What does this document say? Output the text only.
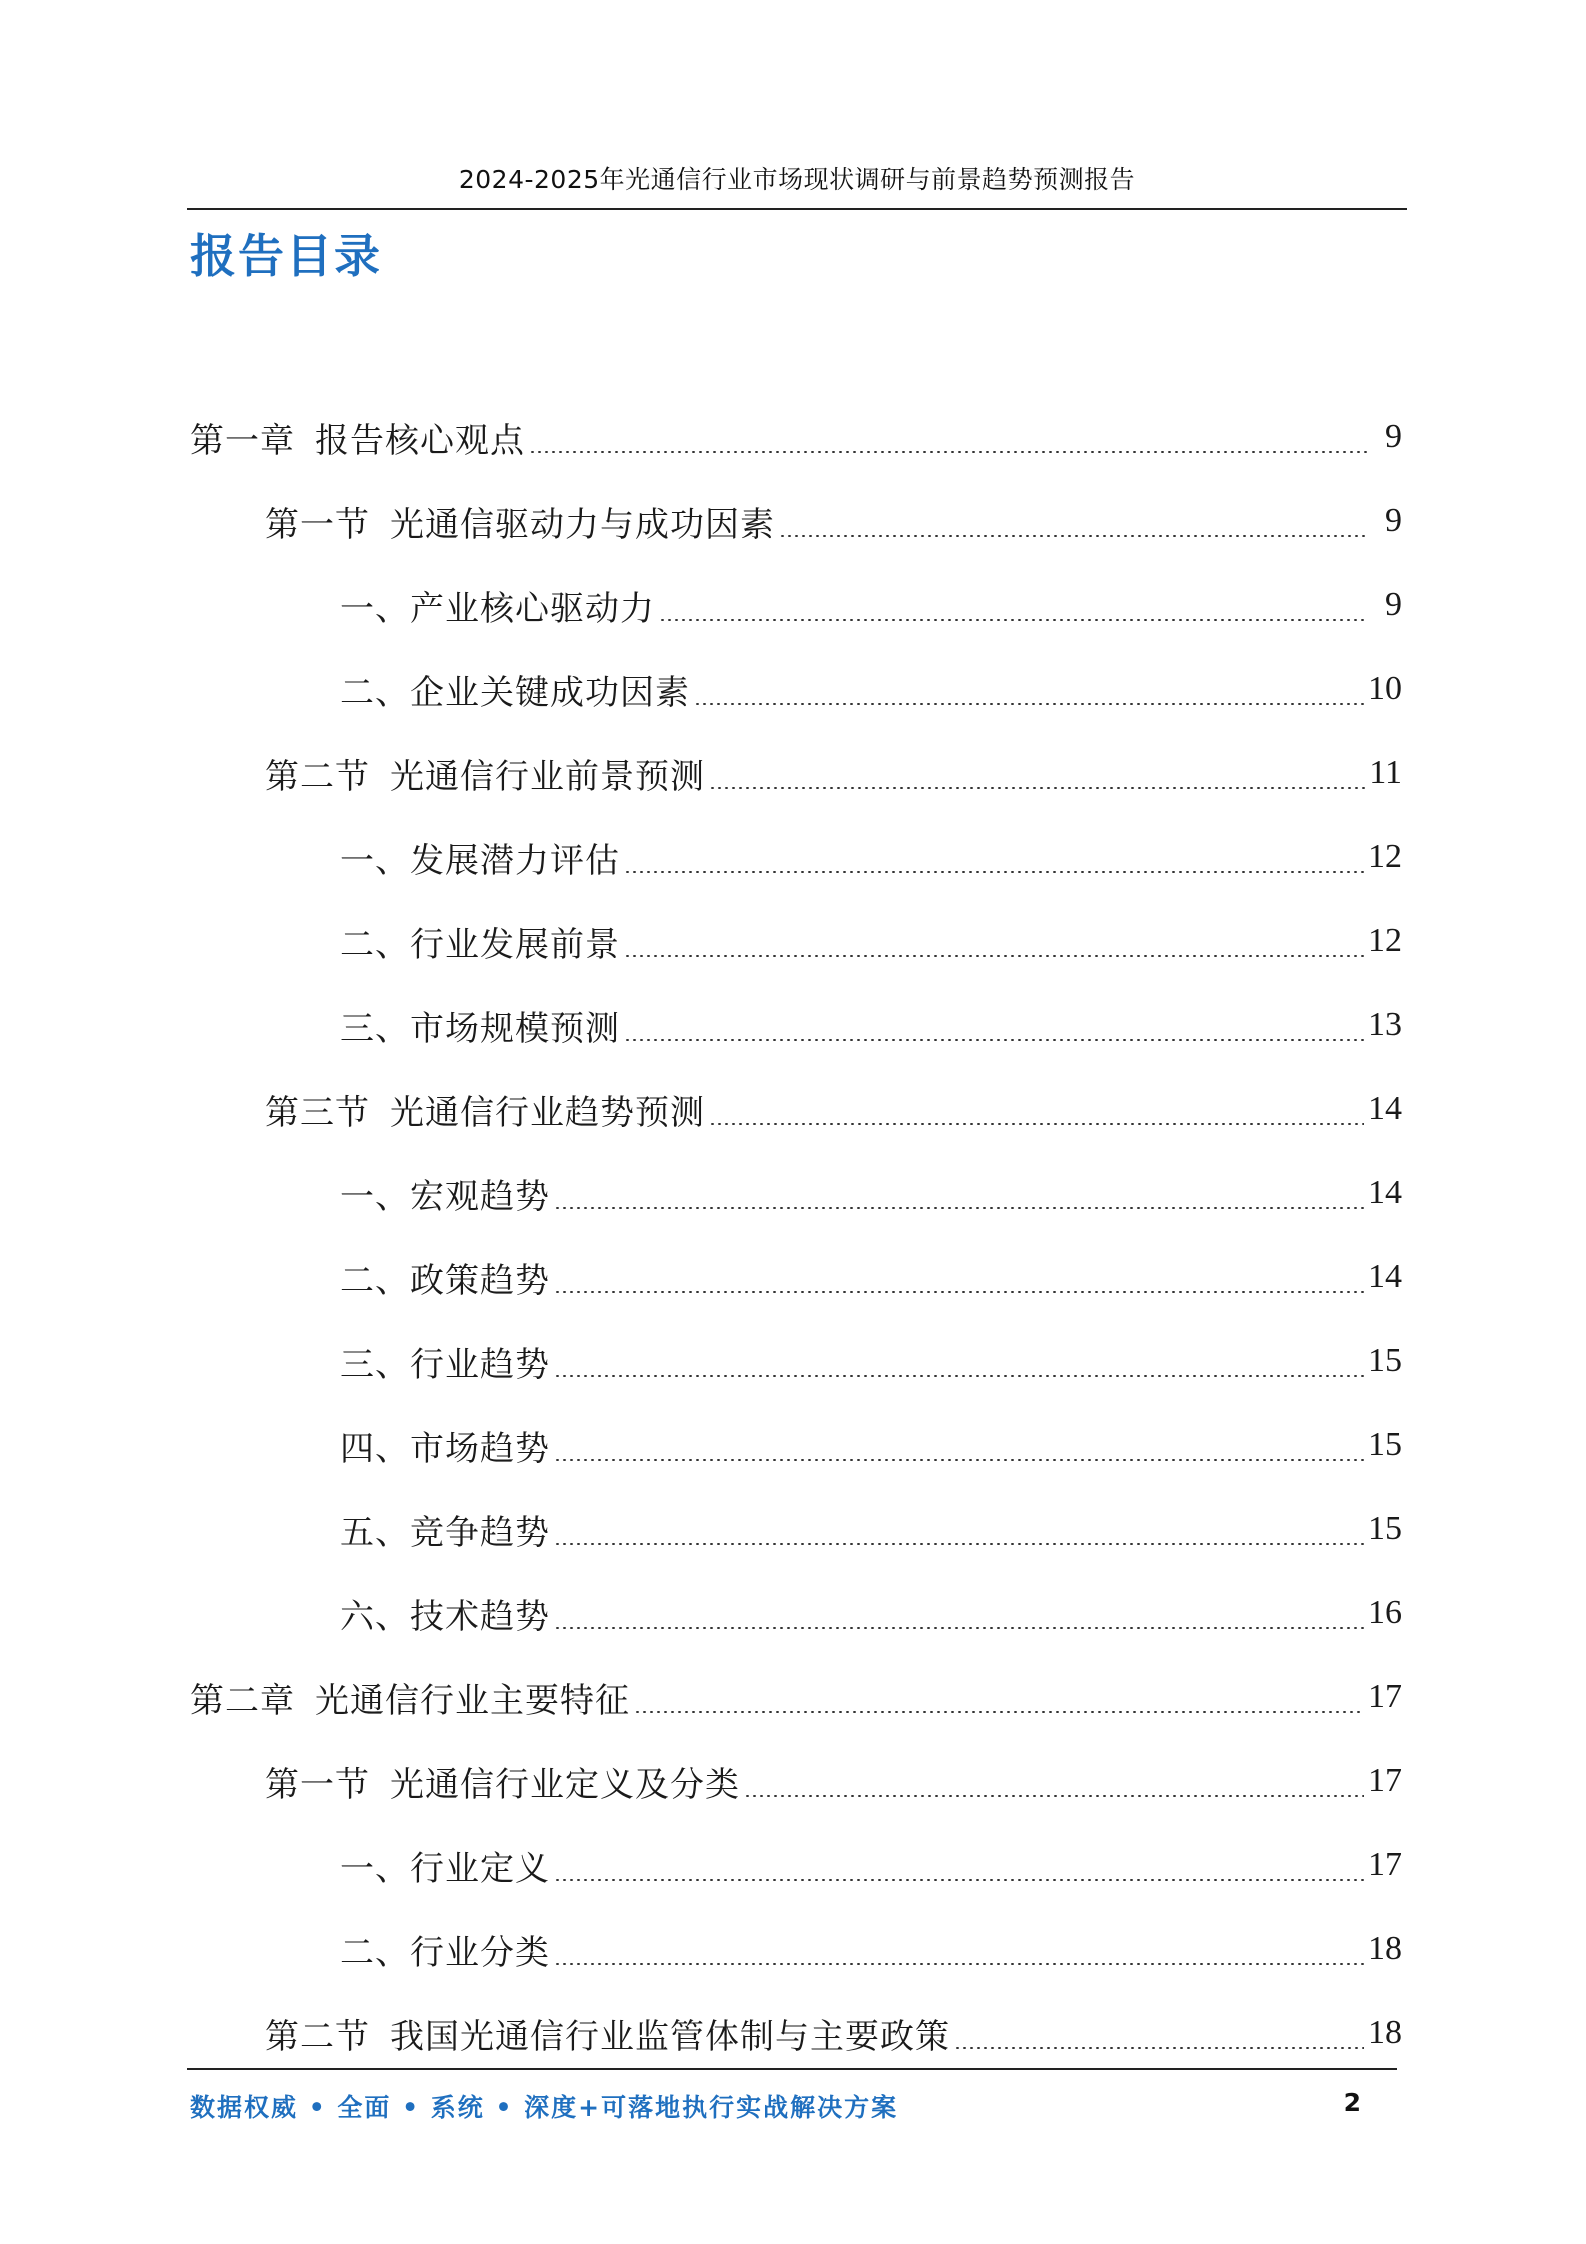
2024-2025年光通信行业市场现状调研与前景趋势预测报告
报告目录
第一章 报告核心观点	9
第一节 光通信驱动力与成功因素	9
一、产业核心驱动力	9
二、企业关键成功因素	10
第二节 光通信行业前景预测	11
一、发展潜力评估	12
二、行业发展前景	12
三、市场规模预测	13
第三节 光通信行业趋势预测	14
一、宏观趋势	14
二、政策趋势	14
三、行业趋势	15
四、市场趋势	15
五、竞争趋势	15
六、技术趋势	16
第二章 光通信行业主要特征	17
第一节 光通信行业定义及分类	17
一、行业定义	17
二、行业分类	18
第二节 我国光通信行业监管体制与主要政策	18
数据权威 • 全面 • 系统 • 深度+可落地执行实战解决方案	2
